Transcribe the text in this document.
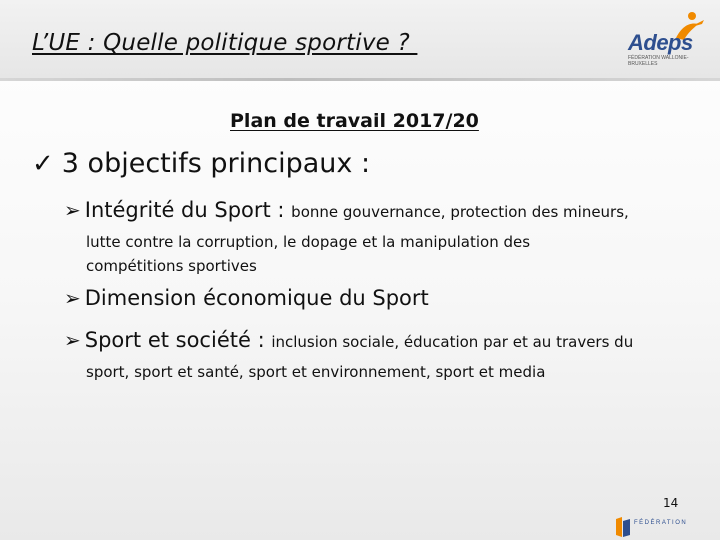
L’UE : Quelle politique sportive ?	Adeps
FÉDÉRATION WALLONIE-BRUXELLES
Plan de travail 2017/20
✓ 3 objectifs principaux :
➢ Intégrité du Sport : bonne gouvernance, protection des mineurs,
lutte contre la corruption, le dopage et la manipulation des
compétitions sportives
➢ Dimension économique du Sport
➢ Sport et société : inclusion sociale, éducation par et au travers du
sport, sport et santé, sport et environnement, sport et media
14
FÉDÉRATION
